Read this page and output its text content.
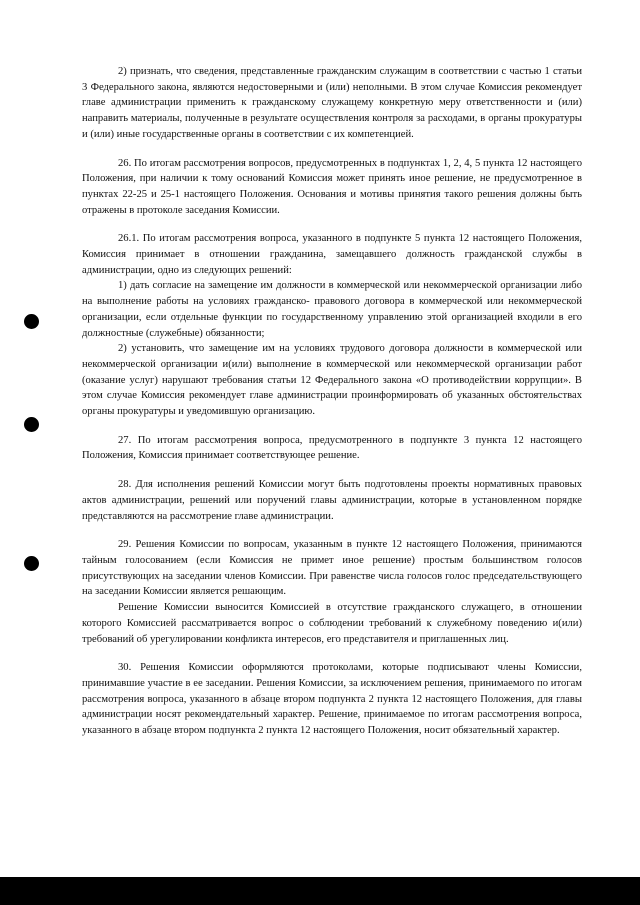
2) признать, что сведения, представленные гражданским служащим в соответствии с частью 1 статьи 3 Федерального закона, являются недостоверными и (или) неполными. В этом случае Комиссия рекомендует главе администрации применить к гражданскому служащему конкретную меру ответственности и (или) направить материалы, полученные в результате осуществления контроля за расходами, в органы прокуратуры и (или) иные государственные органы в соответствии с их компетенцией.

26. По итогам рассмотрения вопросов, предусмотренных в подпунктах 1, 2, 4, 5 пункта 12 настоящего Положения, при наличии к тому оснований Комиссия может принять иное решение, не предусмотренное в пунктах 22-25 и 25-1 настоящего Положения. Основания и мотивы принятия такого решения должны быть отражены в протоколе заседания Комиссии.

26.1. По итогам рассмотрения вопроса, указанного в подпункте 5 пункта 12 настоящего Положения, Комиссия принимает в отношении гражданина, замещавшего должность гражданской службы в администрации, одно из следующих решений:

1) дать согласие на замещение им должности в коммерческой или некоммерческой организации либо на выполнение работы на условиях гражданско- правового договора в коммерческой или некоммерческой организации, если отдельные функции по государственному управлению этой организацией входили в его должностные (служебные) обязанности;

2) установить, что замещение им на условиях трудового договора должности в коммерческой или некоммерческой организации и(или) выполнение в коммерческой или некоммерческой организации работ (оказание услуг) нарушают требования статьи 12 Федерального закона «О противодействии коррупции». В этом случае Комиссия рекомендует главе администрации проинформировать об указанных обстоятельствах органы прокуратуры и уведомившую организацию.

27. По итогам рассмотрения вопроса, предусмотренного в подпункте 3 пункта 12 настоящего Положения, Комиссия принимает соответствующее решение.

28. Для исполнения решений Комиссии могут быть подготовлены проекты нормативных правовых актов администрации, решений или поручений главы администрации, которые в установленном порядке представляются на рассмотрение главе администрации.

29. Решения Комиссии по вопросам, указанным в пункте 12 настоящего Положения, принимаются тайным голосованием (если Комиссия не примет иное решение) простым большинством голосов присутствующих на заседании членов Комиссии. При равенстве числа голосов голос председательствующего на заседании Комиссии является решающим.

Решение Комиссии выносится Комиссией в отсутствие гражданского служащего, в отношении которого Комиссией рассматривается вопрос о соблюдении требований к служебному поведению и(или) требований об урегулировании конфликта интересов, его представителя и приглашенных лиц.

30. Решения Комиссии оформляются протоколами, которые подписывают члены Комиссии, принимавшие участие в ее заседании. Решения Комиссии, за исключением решения, принимаемого по итогам рассмотрения вопроса, указанного в абзаце втором подпункта 2 пункта 12 настоящего Положения, для главы администрации носят рекомендательный характер. Решение, принимаемое по итогам рассмотрения вопроса, указанного в абзаце втором подпункта 2 пункта 12 настоящего Положения, носит обязательный характер.
